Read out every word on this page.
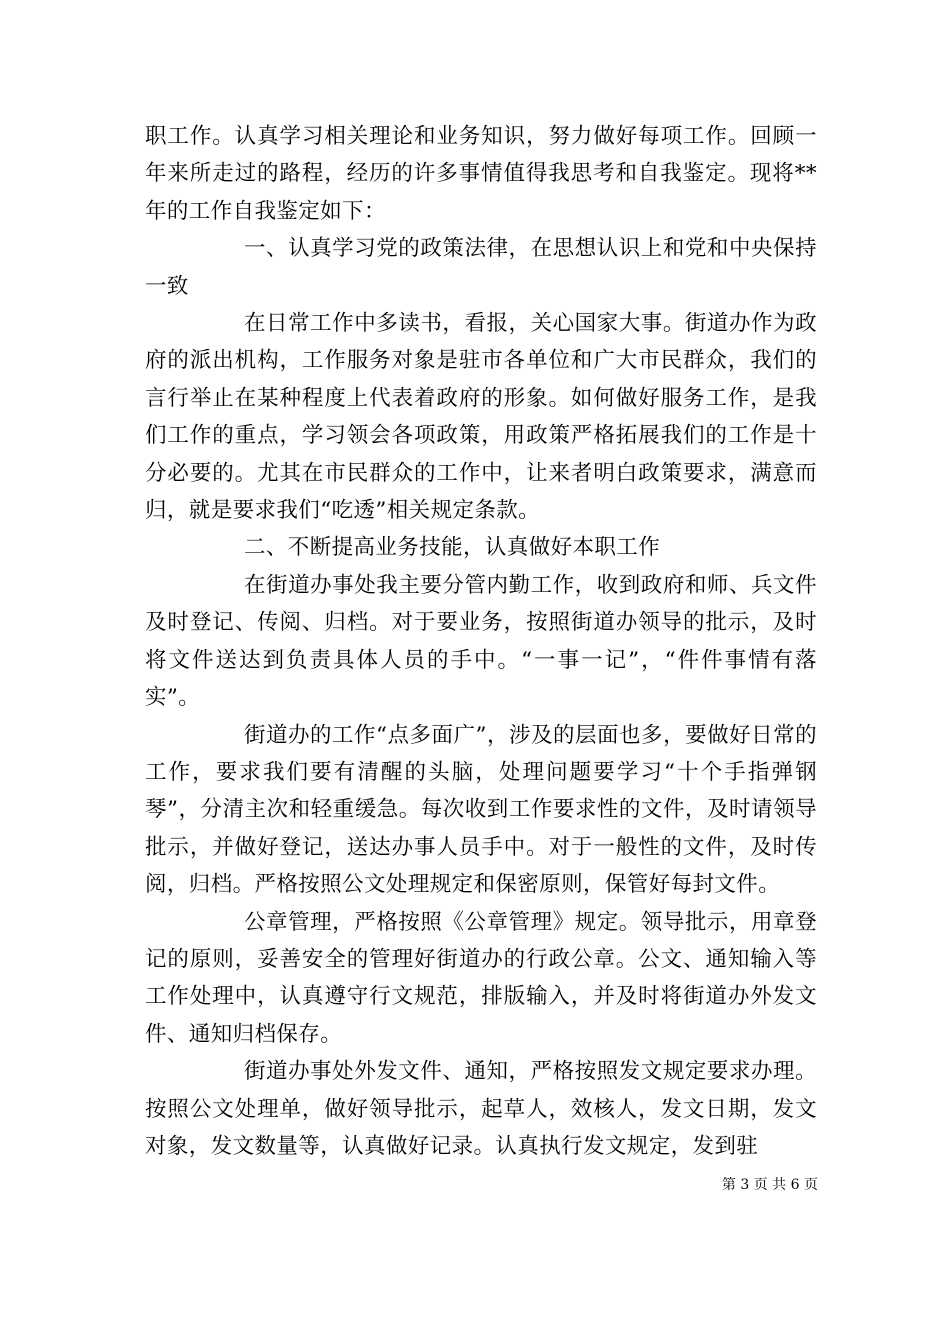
职工作。认真学习相关理论和业务知识，努力做好每项工作。回顾一年来所走过的路程，经历的许多事情值得我思考和自我鉴定。现将**年的工作自我鉴定如下：

一、认真学习党的政策法律，在思想认识上和党和中央保持一致

在日常工作中多读书，看报，关心国家大事。街道办作为政府的派出机构，工作服务对象是驻市各单位和广大市民群众，我们的言行举止在某种程度上代表着政府的形象。如何做好服务工作，是我们工作的重点，学习领会各项政策，用政策严格拓展我们的工作是十分必要的。尤其在市民群众的工作中，让来者明白政策要求，满意而归，就是要求我们“吃透”相关规定条款。

二、不断提高业务技能，认真做好本职工作

在街道办事处我主要分管内勤工作，收到政府和师、兵文件及时登记、传阅、归档。对于要业务，按照街道办领导的批示，及时将文件送达到负责具体人员的手中。“一事一记”，“件件事情有落实”。

街道办的工作“点多面广”，涉及的层面也多，要做好日常的工作，要求我们要有清醒的头脑，处理问题要学习“十个手指弹钢琴”，分清主次和轻重缓急。每次收到工作要求性的文件，及时请领导批示，并做好登记，送达办事人员手中。对于一般性的文件，及时传阅，归档。严格按照公文处理规定和保密原则，保管好每封文件。

公章管理，严格按照《公章管理》规定。领导批示，用章登记的原则，妥善安全的管理好街道办的行政公章。公文、通知输入等工作处理中，认真遵守行文规范，排版输入，并及时将街道办外发文件、通知归档保存。

街道办事处外发文件、通知，严格按照发文规定要求办理。按照公文处理单，做好领导批示，起草人，效核人，发文日期，发文对象，发文数量等，认真做好记录。认真执行发文规定，发到驻

第 3 页 共 6 页
